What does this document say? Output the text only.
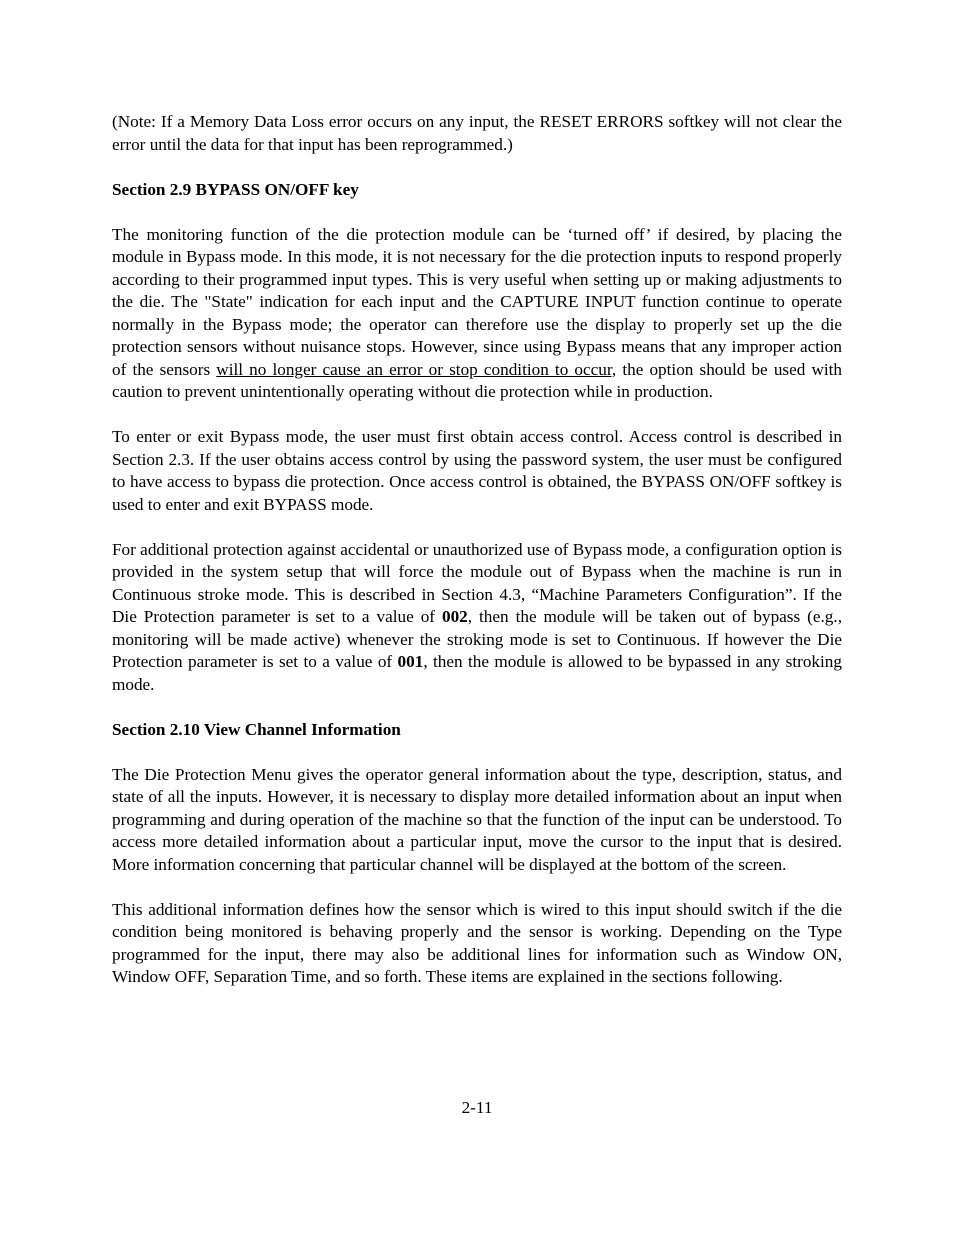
(Note: If a Memory Data Loss error occurs on any input, the RESET ERRORS softkey will not clear the error until the data for that input has been reprogrammed.)

Section 2.9 BYPASS ON/OFF key

The monitoring function of the die protection module can be ‘turned off’ if desired, by placing the module in Bypass mode. In this mode, it is not necessary for the die protection inputs to respond properly according to their programmed input types. This is very useful when setting up or making adjustments to the die. The "State" indication for each input and the CAPTURE INPUT function continue to operate normally in the Bypass mode; the operator can therefore use the display to properly set up the die protection sensors without nuisance stops. However, since using Bypass means that any improper action of the sensors will no longer cause an error or stop condition to occur, the option should be used with caution to prevent unintentionally operating without die protection while in production.

To enter or exit Bypass mode, the user must first obtain access control. Access control is described in Section 2.3. If the user obtains access control by using the password system, the user must be configured to have access to bypass die protection. Once access control is obtained, the BYPASS ON/OFF softkey is used to enter and exit BYPASS mode.

For additional protection against accidental or unauthorized use of Bypass mode, a configuration option is provided in the system setup that will force the module out of Bypass when the machine is run in Continuous stroke mode. This is described in Section 4.3, “Machine Parameters Configuration”. If the Die Protection parameter is set to a value of 002, then the module will be taken out of bypass (e.g., monitoring will be made active) whenever the stroking mode is set to Continuous. If however the Die Protection parameter is set to a value of 001, then the module is allowed to be bypassed in any stroking mode.

Section 2.10 View Channel Information

The Die Protection Menu gives the operator general information about the type, description, status, and state of all the inputs. However, it is necessary to display more detailed information about an input when programming and during operation of the machine so that the function of the input can be understood. To access more detailed information about a particular input, move the cursor to the input that is desired. More information concerning that particular channel will be displayed at the bottom of the screen.

This additional information defines how the sensor which is wired to this input should switch if the die condition being monitored is behaving properly and the sensor is working. Depending on the Type programmed for the input, there may also be additional lines for information such as Window ON, Window OFF, Separation Time, and so forth. These items are explained in the sections following.

2-11
